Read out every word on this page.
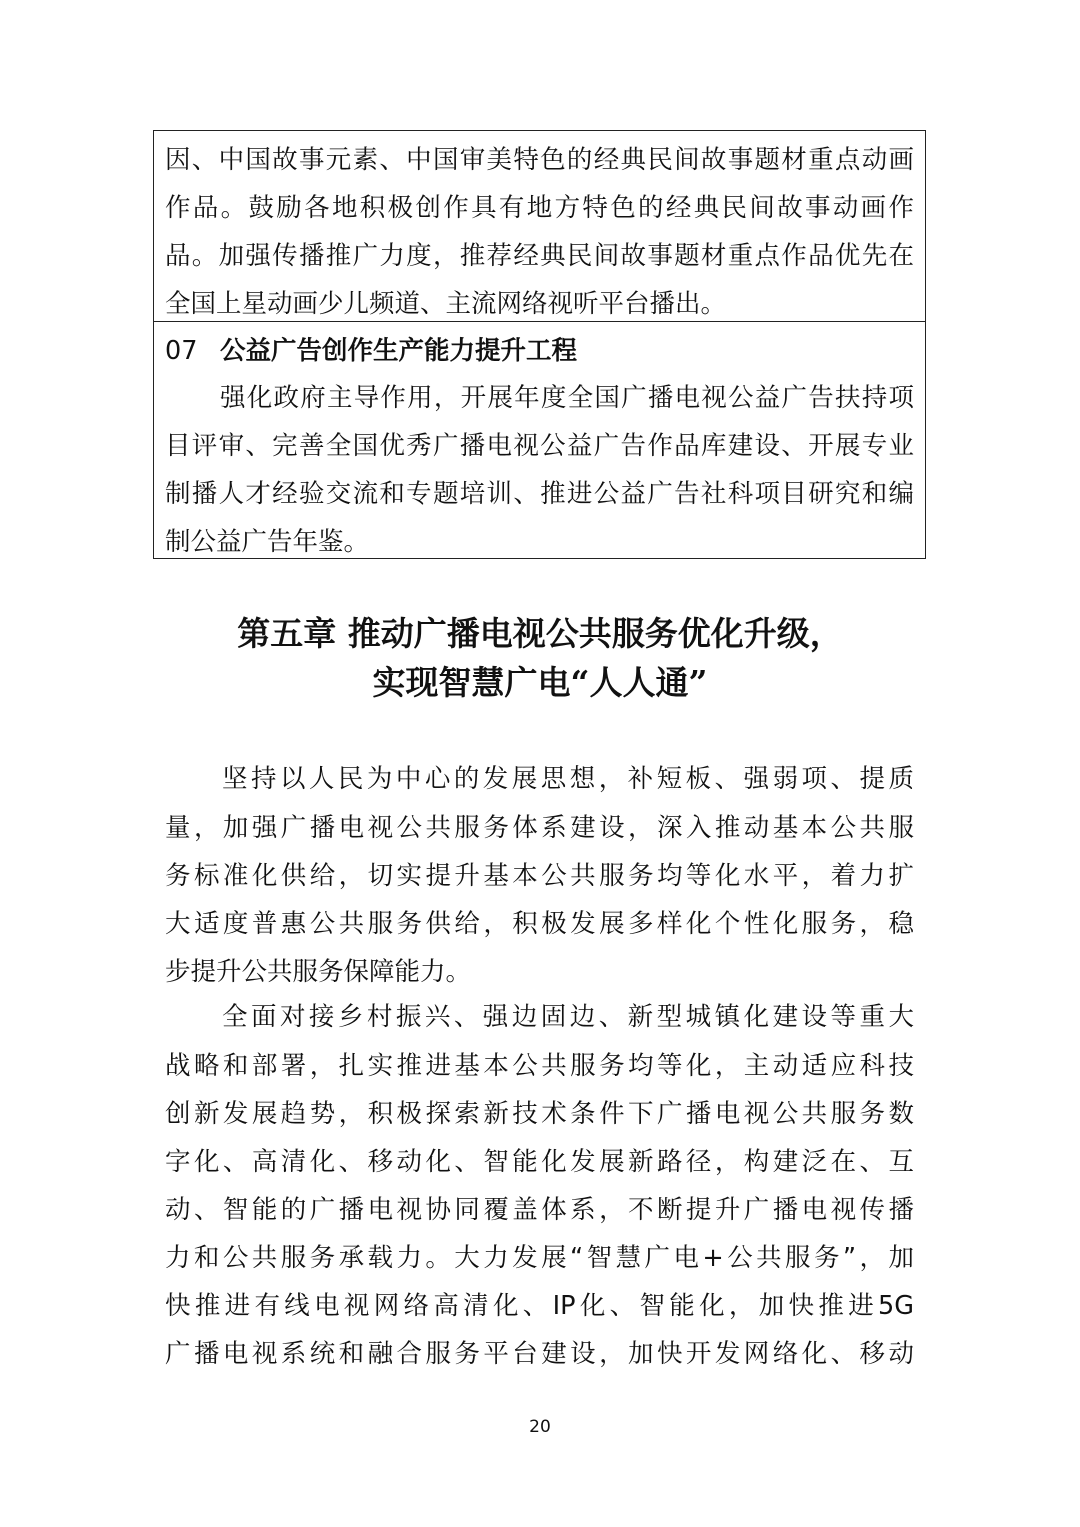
因、中国故事元素、中国审美特色的经典民间故事题材重点动画
作品。鼓励各地积极创作具有地方特色的经典民间故事动画作
品。加强传播推广力度，推荐经典民间故事题材重点作品优先在
全国上星动画少儿频道、主流网络视听平台播出。
07 公益广告创作生产能力提升工程
强化政府主导作用，开展年度全国广播电视公益广告扶持项
目评审、完善全国优秀广播电视公益广告作品库建设、开展专业
制播人才经验交流和专题培训、推进公益广告社科项目研究和编
制公益广告年鉴。
第五章 推动广播电视公共服务优化升级，
实现智慧广电“人人通”
坚持以人民为中心的发展思想，补短板、强弱项、提质
量，加强广播电视公共服务体系建设，深入推动基本公共服
务标准化供给，切实提升基本公共服务均等化水平，着力扩
大适度普惠公共服务供给，积极发展多样化个性化服务，稳
步提升公共服务保障能力。
全面对接乡村振兴、强边固边、新型城镇化建设等重大
战略和部署，扎实推进基本公共服务均等化，主动适应科技
创新发展趋势，积极探索新技术条件下广播电视公共服务数
字化、高清化、移动化、智能化发展新路径，构建泛在、互
动、智能的广播电视协同覆盖体系，不断提升广播电视传播
力和公共服务承载力。大力发展“智慧广电+公共服务”，加
快推进有线电视网络高清化、IP化、智能化，加快推进5G
广播电视系统和融合服务平台建设，加快开发网络化、移动
20
